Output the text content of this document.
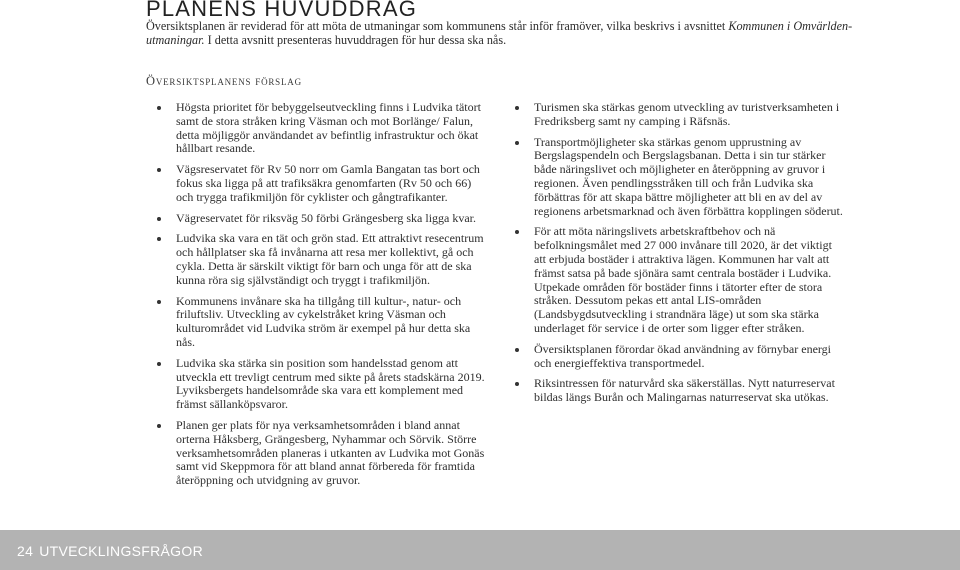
PLANENS HUVUDDRAG
Översiktsplanen är reviderad för att möta de utmaningar som kommunens står inför framöver, vilka beskrivs i avsnittet Kommunen i Omvärlden-utmaningar. I detta avsnitt presenteras huvuddragen för hur dessa ska nås.
Översiktsplanens förslag
Högsta prioritet för bebyggelseutveckling finns i Ludvika tätort samt de stora stråken kring Väsman och mot Borlänge/ Falun, detta möjliggör användandet av befintlig infrastruktur och ökat hållbart resande.
Vägsreservatet för Rv 50 norr om Gamla Bangatan tas bort och fokus ska ligga på att trafiksäkra genomfarten (Rv 50 och 66) och trygga trafikmiljön för cyklister och gångtrafikanter.
Vägreservatet för riksväg 50 förbi Grängesberg ska ligga kvar.
Ludvika ska vara en tät och grön stad. Ett attraktivt resecentrum och hållplatser ska få invånarna att resa mer kollektivt, gå och cykla. Detta är särskilt viktigt för barn och unga för att de ska kunna röra sig självständigt och tryggt i trafikmiljön.
Kommunens invånare ska ha tillgång till kultur-, natur- och friluftsliv. Utveckling av cykelstråket kring Väsman och kulturområdet vid Ludvika ström är exempel på hur detta ska nås.
Ludvika ska stärka sin position som handelsstad genom att utveckla ett trevligt centrum med sikte på årets stadskärna 2019. Lyviksbergets handelsområde ska vara ett komplement med främst sällanköpsvaror.
Planen ger plats för nya verksamhetsområden i bland annat orterna Håksberg, Grängesberg, Nyhammar och Sörvik. Större verksamhetsområden planeras i utkanten av Ludvika mot Gonäs samt vid Skeppmora för att bland annat förbereda för framtida återöppning och utvidgning av gruvor.
Turismen ska stärkas genom utveckling av turistverksamheten i Fredriksberg samt ny camping i Räfsnäs.
Transportmöjligheter ska stärkas genom upprustning av Bergslagspendeln och Bergslagsbanan. Detta i sin tur stärker både näringslivet och möjligheter en återöppning av gruvor i regionen. Även pendlingsstråken till och från Ludvika ska förbättras för att skapa bättre möjligheter att bli en av del av regionens arbetsmarknad och även förbättra kopplingen söderut.
För att möta näringslivets arbetskraftbehov och nä befolkningsmålet med 27 000 invånare till 2020, är det viktigt att erbjuda bostäder i attraktiva lägen. Kommunen har valt att främst satsa på bade sjönära samt centrala bostäder i Ludvika. Utpekade områden för bostäder finns i tätorter efter de stora stråken. Dessutom pekas ett antal LIS-områden (Landsbygdsutveckling i strandnära läge) ut som ska stärka underlaget för service i de orter som ligger efter stråken.
Översiktsplanen förordar ökad användning av förnybar energi och energieffektiva transportmedel.
Riksintressen för naturvård ska säkerställas. Nytt naturreservat bildas längs Burån och Malingarnas naturreservat ska utökas.
24 UTVECKLINGSFRÅGOR
